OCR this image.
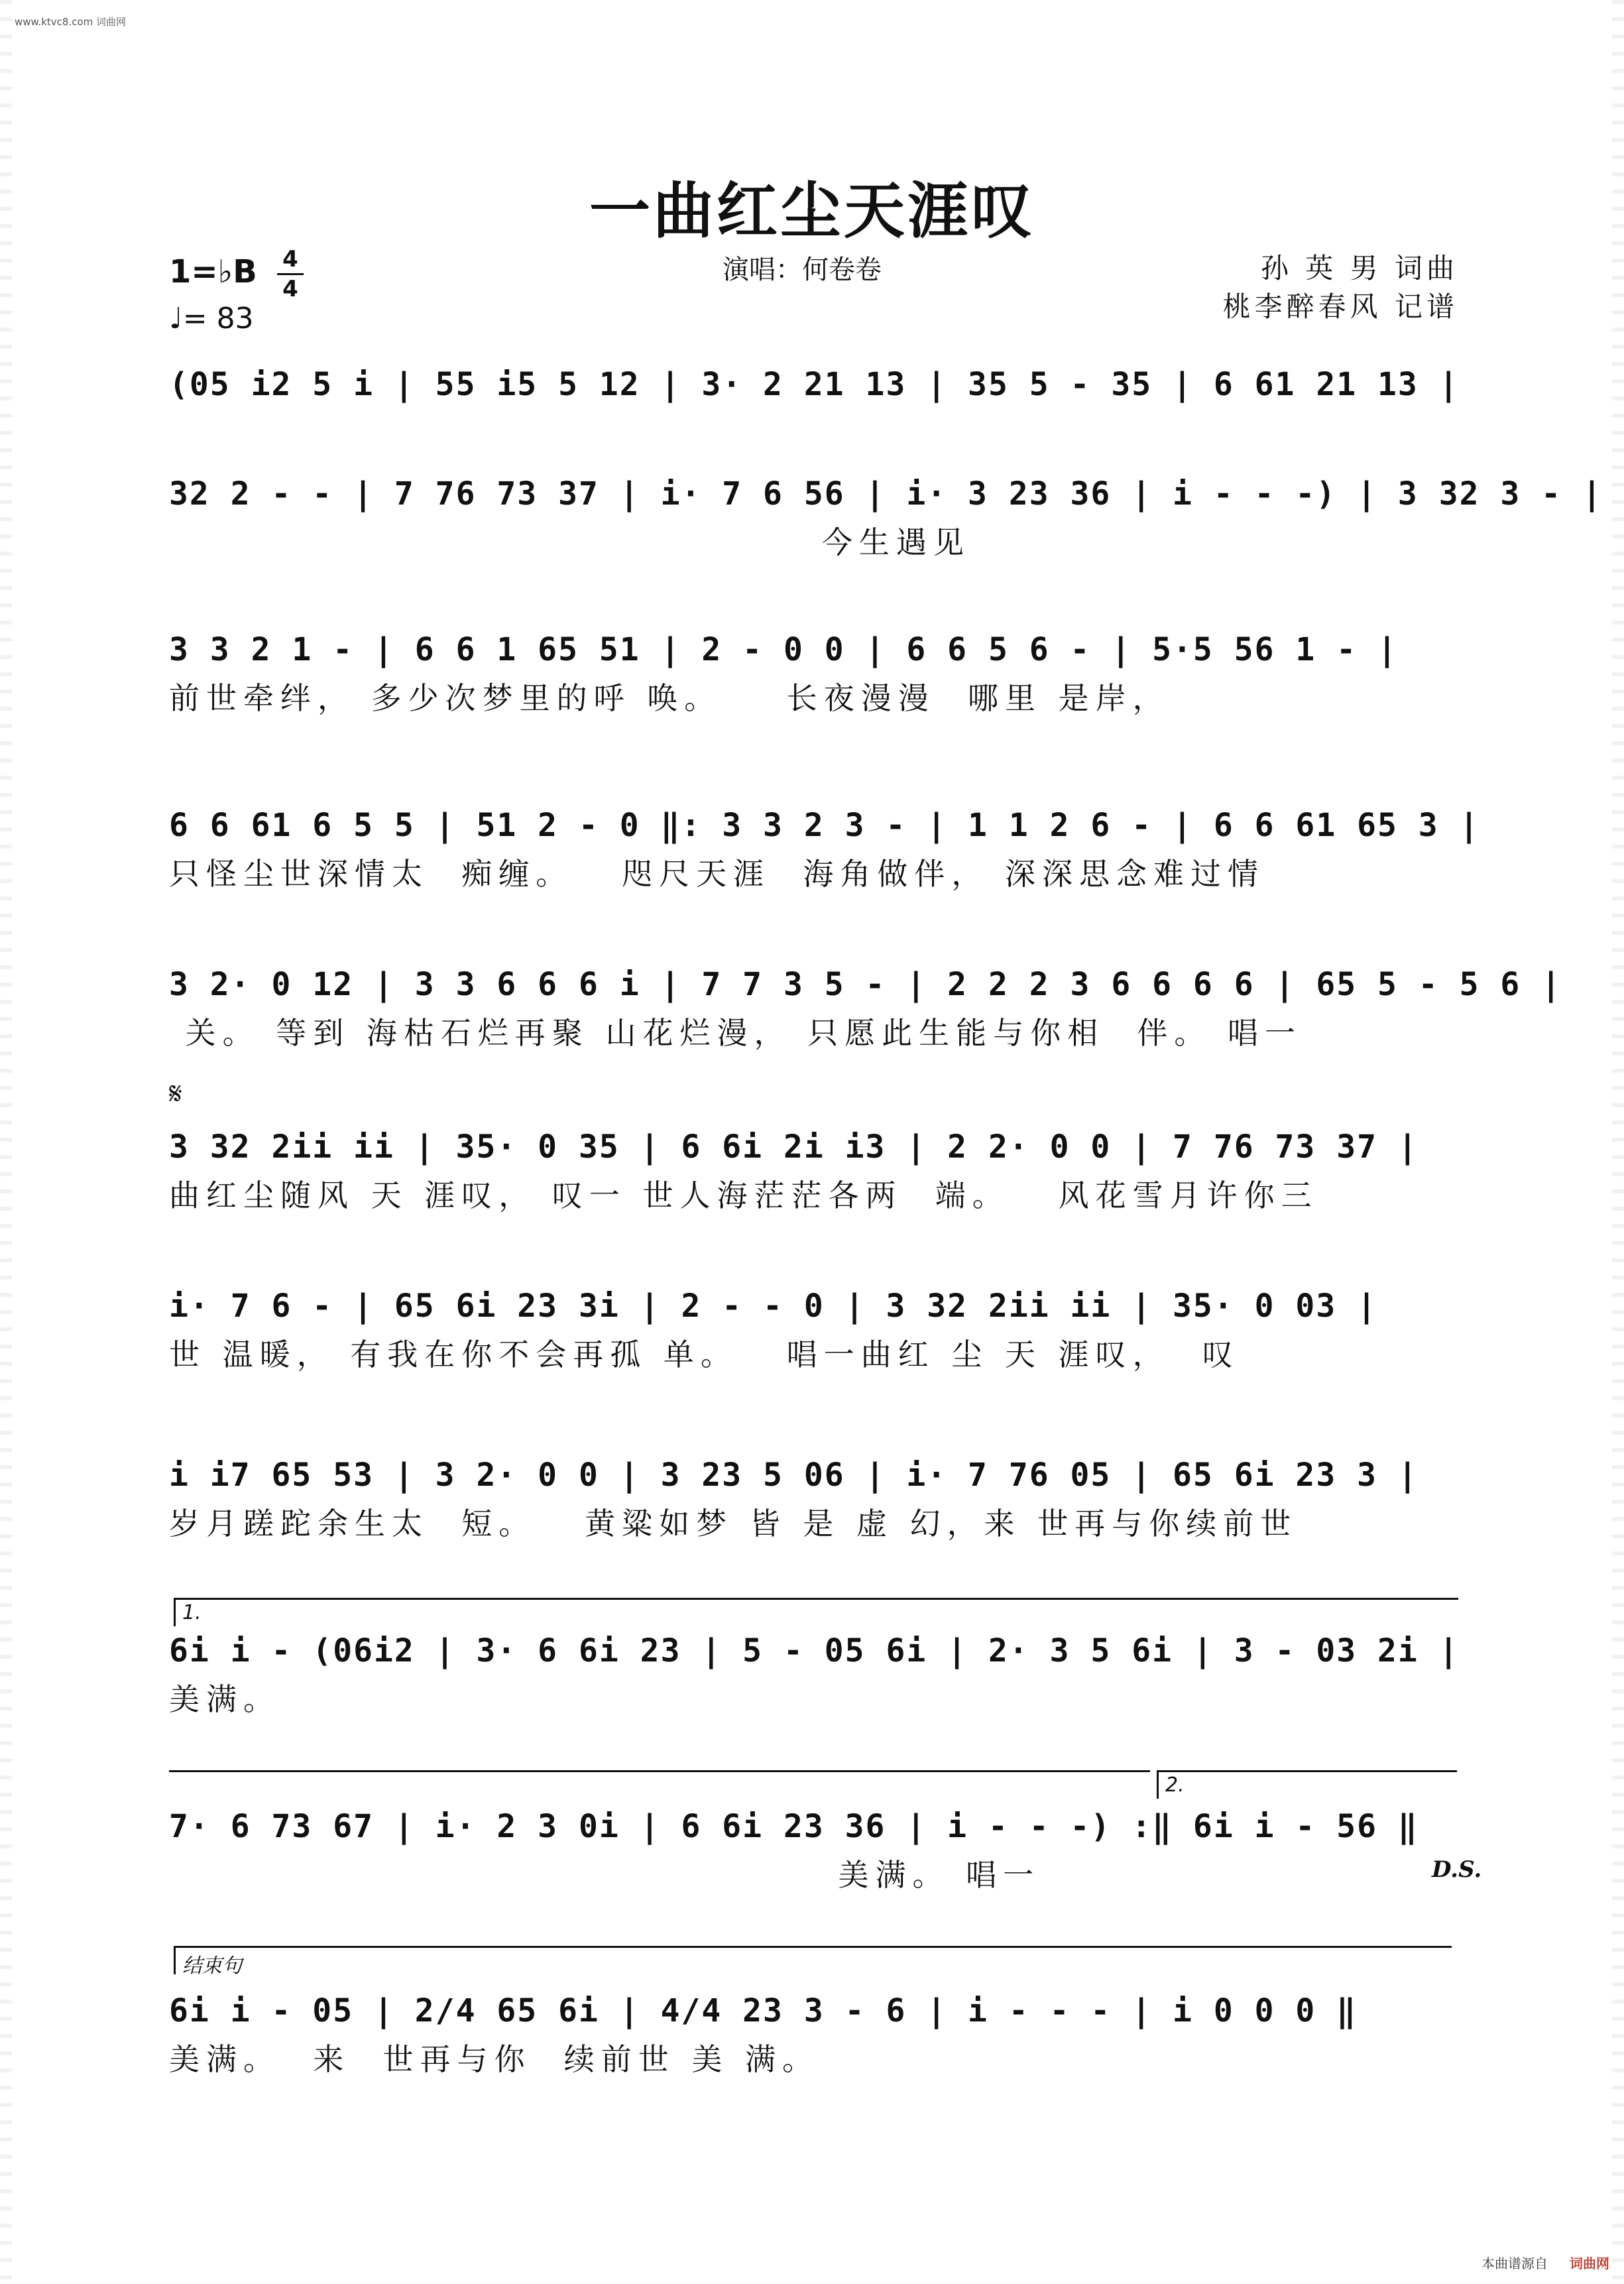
www.ktvc8.com 词曲网
一曲红尘天涯叹
1=♭B 4
4
♩= 83
演唱：何卷卷	孙 英 男 词曲
桃李醉春风 记谱
(05 i2 5 i | 55 i5 5 12 | 3· 2 21 13 | 35 5 - 35 | 6 61 21 13 |
32 2 - - | 7 76 73 37 | i· 7 6 56 | i· 3 23 36 | i - - -) | 3 32 3 - |
今生遇见
3 3 2 1 - | 6 6 1 65 51 | 2 - 0 0 | 6 6 5 6 - | 5·5 56 1 - |
前世牵绊， 多少次梦里的呼 唤。    长夜漫漫  哪里 是岸，
6 6 61 6 5 5 | 51 2 - 0 ‖: 3 3 2 3 - | 1 1 2 6 - | 6 6 61 65 3 |
只怪尘世深情太  痴缠。   咫尺天涯  海角做伴， 深深思念难过情
3 2· 0 12 | 3 3 6 6 6 i | 7 7 3 5 - | 2 2 2 3 6 6 6 6 | 65 5 - 5 6 |
关。 等到 海枯石烂再聚 山花烂漫， 只愿此生能与你相  伴。 唱一
𝄋
3 32 2ii ii | 35· 0 35 | 6 6i 2i i3 | 2 2· 0 0 | 7 76 73 37 |
曲红尘随风 天 涯叹， 叹一 世人海茫茫各两  端。   风花雪月许你三
i· 7 6 - | 65 6i 23 3i | 2 - - 0 | 3 32 2ii ii | 35· 0 03 |
世 温暖， 有我在你不会再孤 单。   唱一曲红 尘 天 涯叹，  叹
i i7 65 53 | 3 2· 0 0 | 3 23 5 06 | i· 7 76 05 | 65 6i 23 3 |
岁月蹉跎余生太  短。   黄粱如梦 皆 是 虚 幻，来 世再与你续前世
1.
6i i - (06i2 | 3· 6 6i 23 | 5 - 05 6i | 2· 3 5 6i | 3 - 03 2i |
美满。
2.
7· 6 73 67 | i· 2 3 0i | 6 6i 23 36 | i - - -) :‖ 6i i - 56 ‖
美满。 唱一	D.S.
结束句
6i i - 05 | 2/4 65 6i | 4/4 23 3 - 6 | i - - - | i 0 0 0 ‖
美满。  来  世再与你  续前世 美 满。
本曲谱源自 词曲网
